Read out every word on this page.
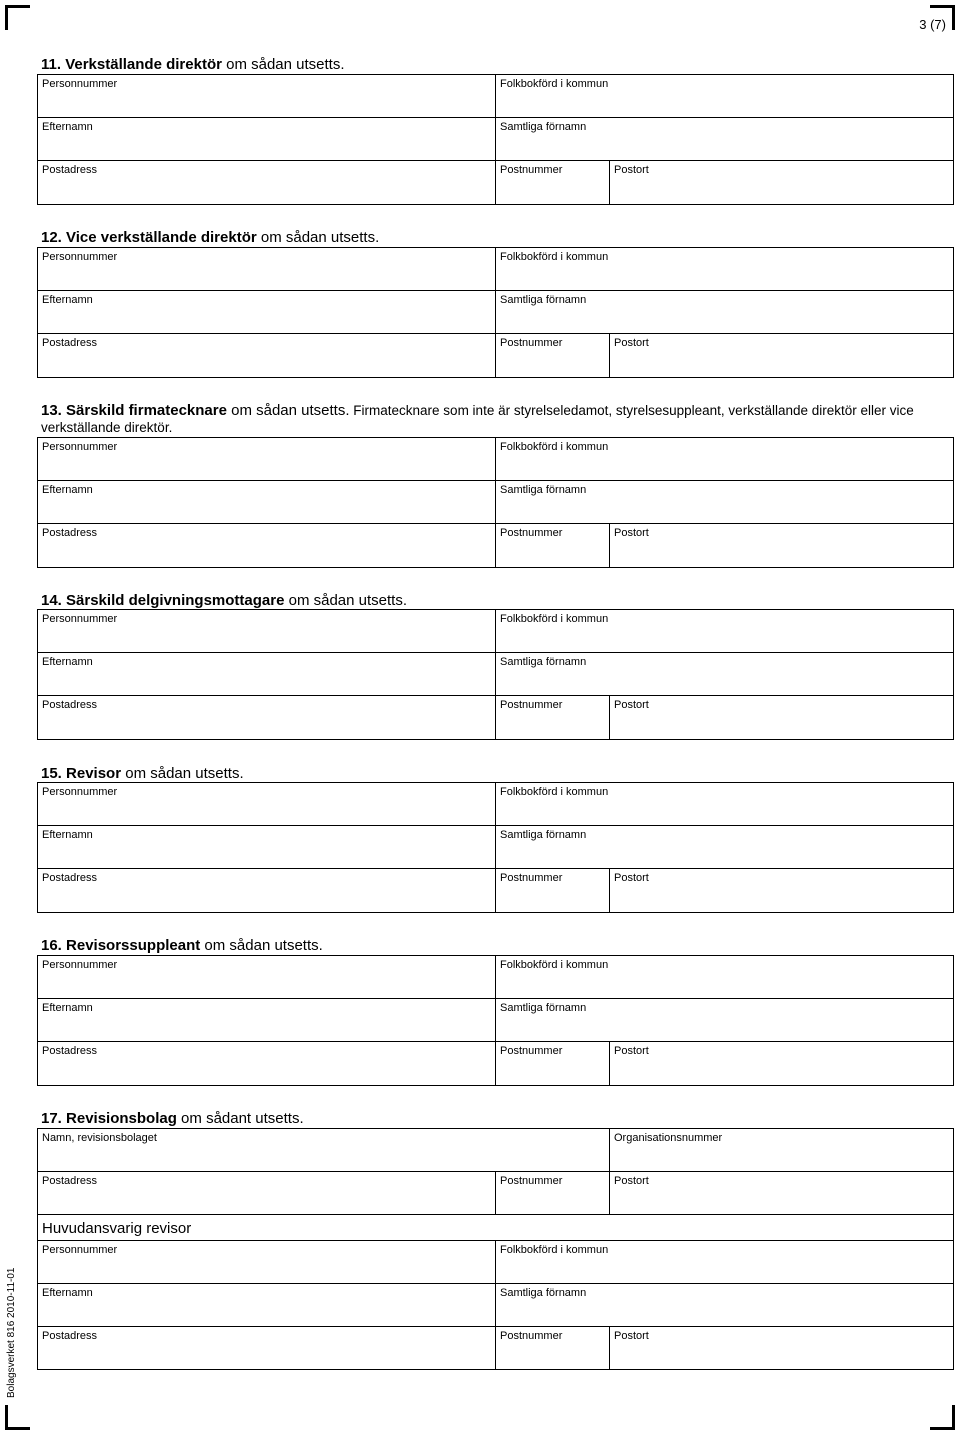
3 (7)
Bolagsverket 816 2010-11-01
11. Verkställande direktör om sådan utsetts.
Personnummer	Folkbokförd i kommun
Efternamn	Samtliga förnamn
Postadress	Postnummer	Postort
12. Vice verkställande direktör om sådan utsetts.
Personnummer	Folkbokförd i kommun
Efternamn	Samtliga förnamn
Postadress	Postnummer	Postort
13. Särskild firmatecknare om sådan utsetts. Firmatecknare som inte är styrelseledamot, styrelsesuppleant, verkställande direktör eller vice verkställande direktör.
Personnummer	Folkbokförd i kommun
Efternamn	Samtliga förnamn
Postadress	Postnummer	Postort
14. Särskild delgivningsmottagare om sådan utsetts.
Personnummer	Folkbokförd i kommun
Efternamn	Samtliga förnamn
Postadress	Postnummer	Postort
15. Revisor om sådan utsetts.
Personnummer	Folkbokförd i kommun
Efternamn	Samtliga förnamn
Postadress	Postnummer	Postort
16. Revisorssuppleant om sådan utsetts.
Personnummer	Folkbokförd i kommun
Efternamn	Samtliga förnamn
Postadress	Postnummer	Postort
17. Revisionsbolag om sådant utsetts.
Namn, revisionsbolaget	Organisationsnummer
Postadress	Postnummer	Postort
Huvudansvarig revisor
Personnummer	Folkbokförd i kommun
Efternamn	Samtliga förnamn
Postadress	Postnummer	Postort
